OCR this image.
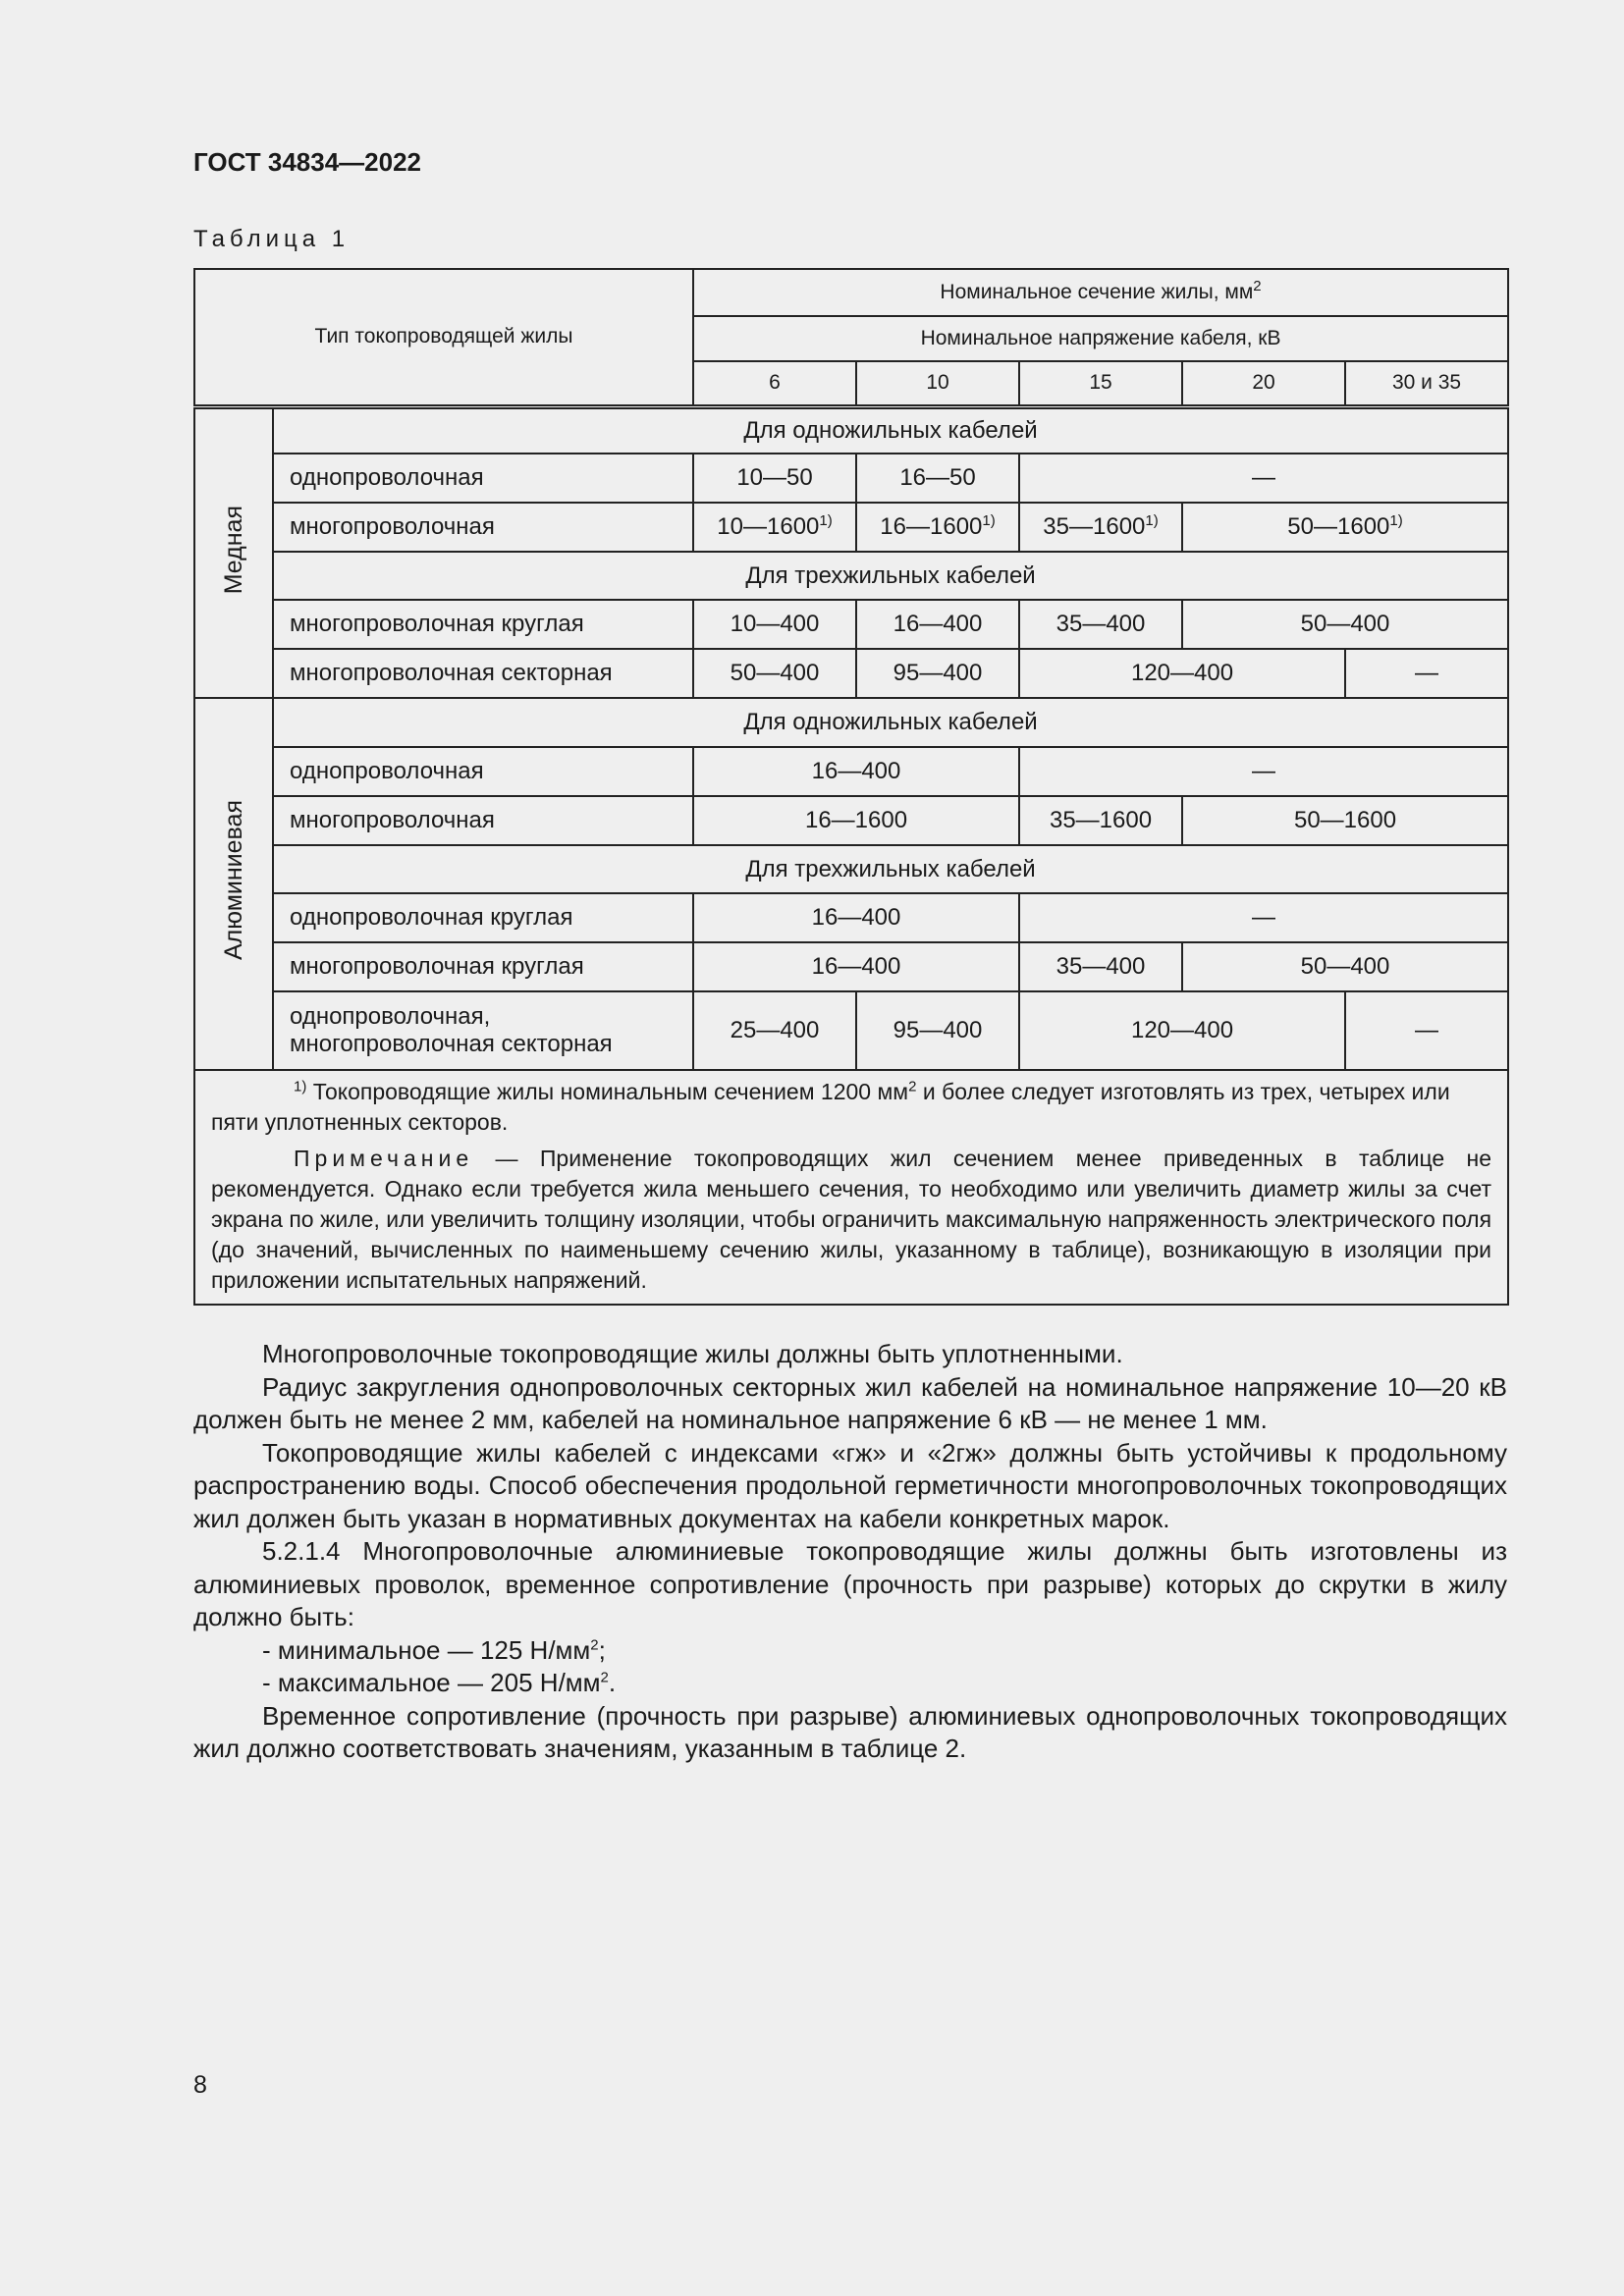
ГОСТ 34834—2022
Таблица 1
Тип токопроводящей жилы		Номинальное сечение жилы, $мм^2$
		Номинальное напряжение кабеля, кВ				
		6	10	15	20	30 и 35
Медная	Для одножильных кабелей					
	однопроволочная	10—50	16—50	—		
	многопроволочная	10—1600$^{1)}$	16—1600$^{1)}$	35—1600$^{1)}$	50—1600$^{1)}$
	Для трехжильных кабелей					
	многопроволочная круглая	10—400	16—400	35—400	50—400	
	многопроволочная секторная	50—400	95—400	120—400		—
Алюминиевая	Для одножильных кабелей					
	однопроволочная	16—400		—		
	многопроволочная	16—1600		35—1600	50—1600	
	Для трехжильных кабелей					
	однопроволочная круглая	16—400		—		
	многопроволочная круглая	16—400		35—400	50—400	
	однопроволочная,
многопроволочная секторная	25—400	95—400	120—400		—

$^{1)}$ Токопроводящие жилы номинальным сечением 1200 $мм^2$ и более следует изготовлять из трех, четырех или пяти уплотненных секторов.
Примечание — Применение токопроводящих жил сечением менее приведенных в таблице не рекомендуется. Однако если требуется жила меньшего сечения, то необходимо или увеличить диаметр жилы за счет экрана по жиле, или увеличить толщину изоляции, чтобы ограничить максимальную напряженность электрического поля (до значений, вычисленных по наименьшему сечению жилы, указанному в таблице), возникающую в изоляции при приложении испытательных напряжений.						

Многопроволочные токопроводящие жилы должны быть уплотненными.

Радиус закругления однопроволочных секторных жил кабелей на номинальное напряжение 10—20 кВ должен быть не менее 2 мм, кабелей на номинальное напряжение 6 кВ — не менее 1 мм.

Токопроводящие жилы кабелей с индексами «гж» и «2гж» должны быть устойчивы к продольному распространению воды. Способ обеспечения продольной герметичности многопроволочных токопроводящих жил должен быть указан в нормативных документах на кабели конкретных марок.

5.2.1.4 Многопроволочные алюминиевые токопроводящие жилы должны быть изготовлены из алюминиевых проволок, временное сопротивление (прочность при разрыве) которых до скрутки в жилу должно быть:

- минимальное — 125 $Н/мм^2$;

- максимальное — 205 $Н/мм^2$.

Временное сопротивление (прочность при разрыве) алюминиевых однопроволочных токопроводящих жил должно соответствовать значениям, указанным в таблице 2.

8
